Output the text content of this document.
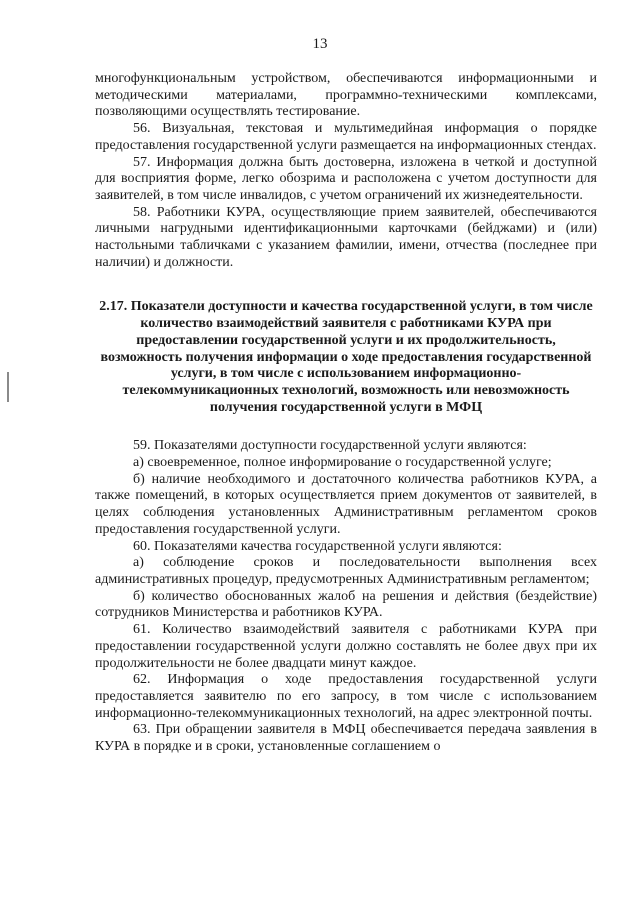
13

многофункциональным устройством, обеспечиваются информационными и методическими материалами, программно-техническими комплексами, позволяющими осуществлять тестирование.

56. Визуальная, текстовая и мультимедийная информация о порядке предоставления государственной услуги размещается на информационных стендах.

57. Информация должна быть достоверна, изложена в четкой и доступной для восприятия форме, легко обозрима и расположена с учетом доступности для заявителей, в том числе инвалидов, с учетом ограничений их жизнедеятельности.

58. Работники КУРА, осуществляющие прием заявителей, обеспечиваются личными нагрудными идентификационными карточками (бейджами) и (или) настольными табличками с указанием фамилии, имени, отчества (последнее при наличии) и должности.

2.17. Показатели доступности и качества государственной услуги, в том числе количество взаимодействий заявителя с работниками КУРА при предоставлении государственной услуги и их продолжительность, возможность получения информации о ходе предоставления государственной услуги, в том числе с использованием информационно-телекоммуникационных технологий, возможность или невозможность получения государственной услуги в МФЦ

59. Показателями доступности государственной услуги являются:

а) своевременное, полное информирование о государственной услуге;

б) наличие необходимого и достаточного количества работников КУРА, а также помещений, в которых осуществляется прием документов от заявителей, в целях соблюдения установленных Административным регламентом сроков предоставления государственной услуги.

60. Показателями качества государственной услуги являются:

а) соблюдение сроков и последовательности выполнения всех административных процедур, предусмотренных Административным регламентом;

б) количество обоснованных жалоб на решения и действия (бездействие) сотрудников Министерства и работников КУРА.

61. Количество взаимодействий заявителя с работниками КУРА при предоставлении государственной услуги должно составлять не более двух при их продолжительности не более двадцати минут каждое.

62. Информация о ходе предоставления государственной услуги предоставляется заявителю по его запросу, в том числе с использованием информационно-телекоммуникационных технологий, на адрес электронной почты.

63. При обращении заявителя в МФЦ обеспечивается передача заявления в КУРА в порядке и в сроки, установленные соглашением о
